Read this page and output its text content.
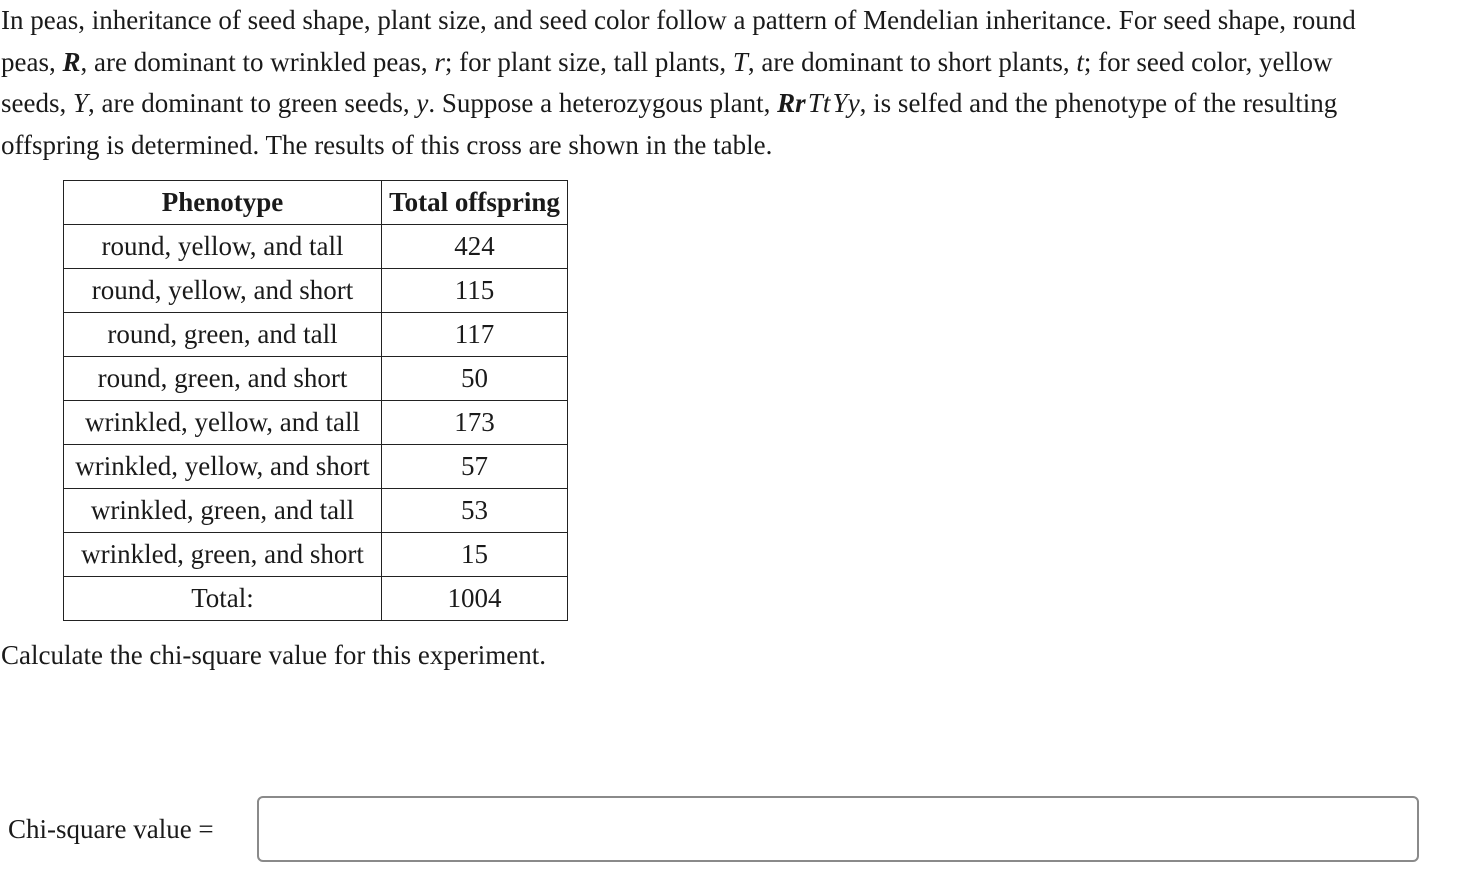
In peas, inheritance of seed shape, plant size, and seed color follow a pattern of Mendelian inheritance. For seed shape, round
peas, R, are dominant to wrinkled peas, r; for plant size, tall plants, T, are dominant to short plants, t; for seed color, yellow
seeds, Y, are dominant to green seeds, y. Suppose a heterozygous plant, Rr Tt Yy, is selfed and the phenotype of the resulting
offspring is determined. The results of this cross are shown in the table.

Phenotype	Total offspring
round, yellow, and tall	424
round, yellow, and short	115
round, green, and tall	117
round, green, and short	50
wrinkled, yellow, and tall	173
wrinkled, yellow, and short	57
wrinkled, green, and tall	53
wrinkled, green, and short	15
Total:	1004

Calculate the chi-square value for this experiment.

Chi-square value =
